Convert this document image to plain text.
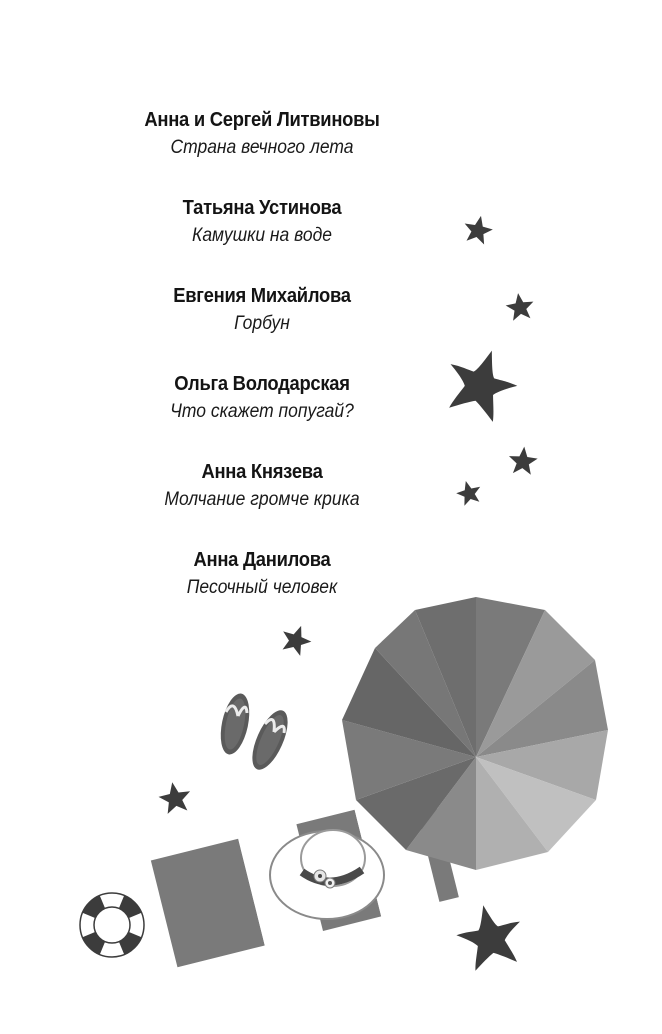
Анна и Сергей Литвиновы
Страна вечного лета
Татьяна Устинова
Камушки на воде
Евгения Михайлова
Горбун
Ольга Володарская
Что скажет попугай?
Анна Князева
Молчание громче крика
Анна Данилова
Песочный человек
